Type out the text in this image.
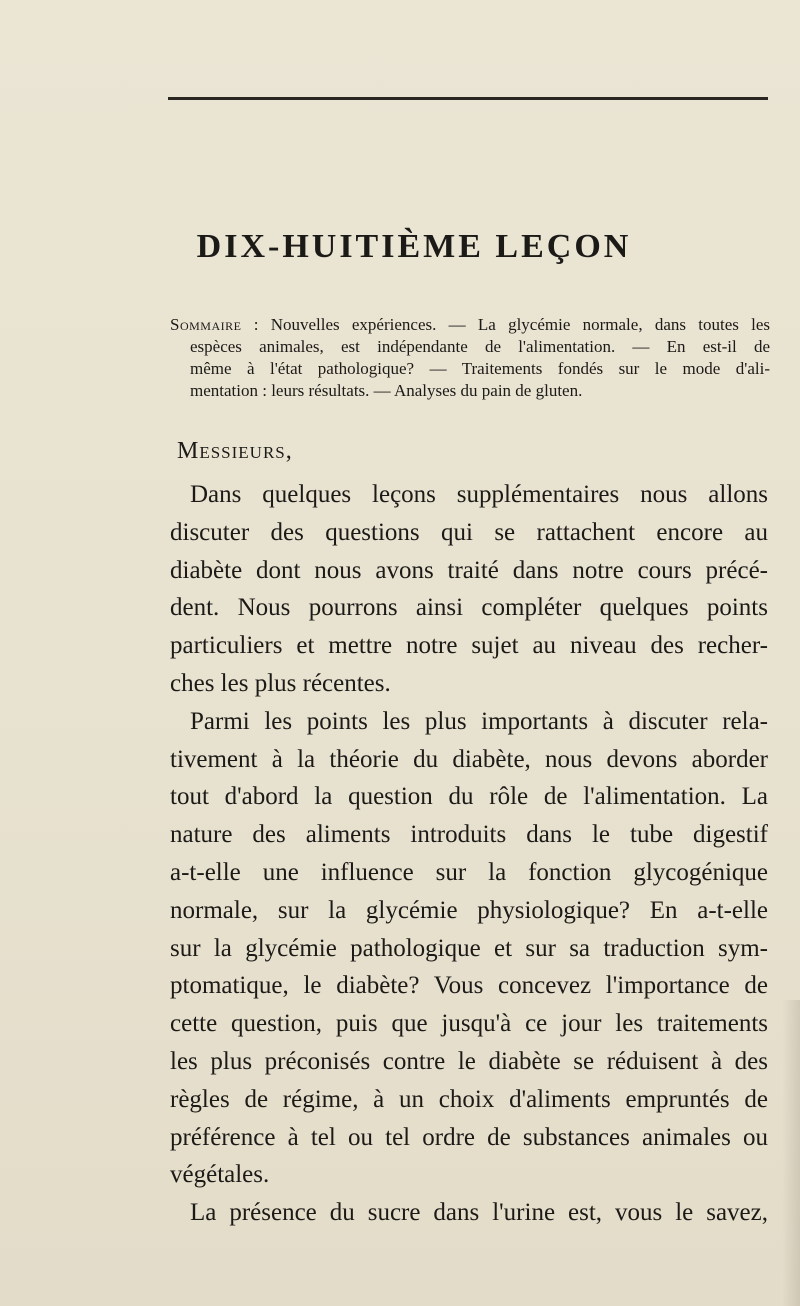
DIX-HUITIÈME LEÇON
Sommaire : Nouvelles expériences. — La glycémie normale, dans toutes les
espèces animales, est indépendante de l'alimentation. — En est-il de
même à l'état pathologique? — Traitements fondés sur le mode d'ali-
mentation : leurs résultats. — Analyses du pain de gluten.
Messieurs,
Dans quelques leçons supplémentaires nous allons
discuter des questions qui se rattachent encore au
diabète dont nous avons traité dans notre cours précé-
dent. Nous pourrons ainsi compléter quelques points
particuliers et mettre notre sujet au niveau des recher-
ches les plus récentes.
Parmi les points les plus importants à discuter rela-
tivement à la théorie du diabète, nous devons aborder
tout d'abord la question du rôle de l'alimentation. La
nature des aliments introduits dans le tube digestif
a-t-elle une influence sur la fonction glycogénique
normale, sur la glycémie physiologique? En a-t-elle
sur la glycémie pathologique et sur sa traduction sym-
ptomatique, le diabète? Vous concevez l'importance de
cette question, puis que jusqu'à ce jour les traitements
les plus préconisés contre le diabète se réduisent à des
règles de régime, à un choix d'aliments empruntés de
préférence à tel ou tel ordre de substances animales ou
végétales.
La présence du sucre dans l'urine est, vous le savez,
